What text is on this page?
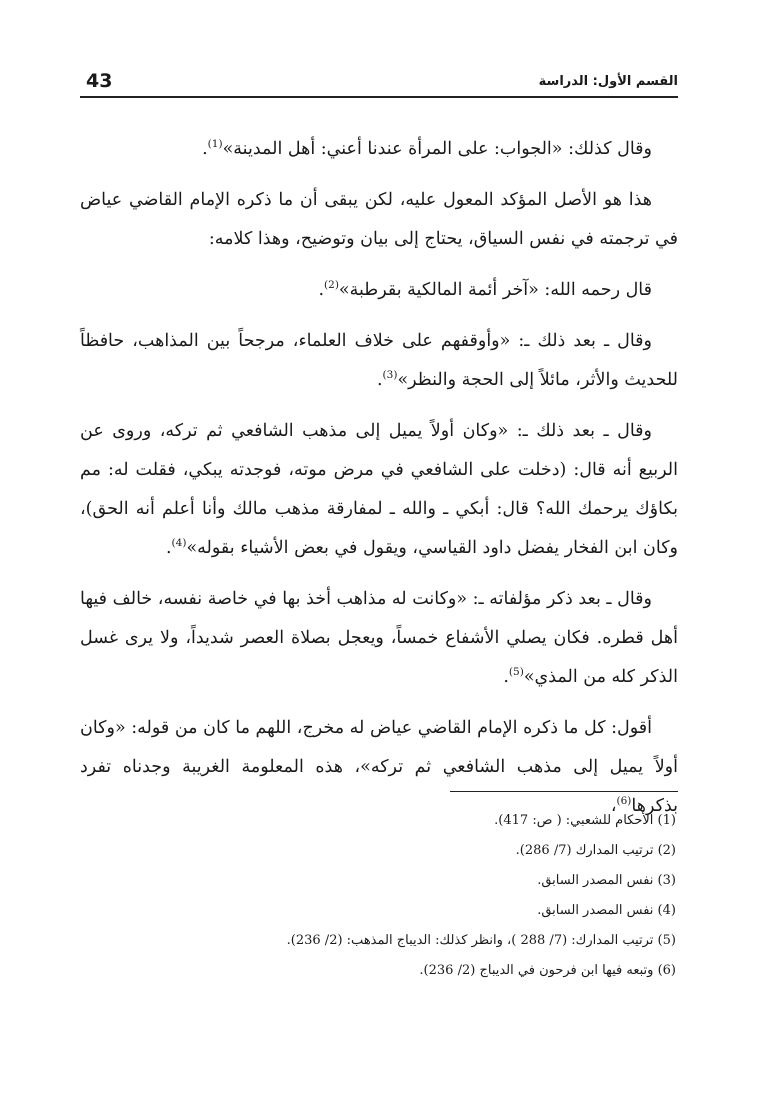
43	القسم الأول: الدراسة

وقال كذلك: «الجواب: على المرأة عندنا أعني: أهل المدينة»$^{(1)}$.

هذا هو الأصل المؤكد المعول عليه، لكن يبقى أن ما ذكره الإمام القاضي عياض في ترجمته في نفس السياق، يحتاج إلى بيان وتوضيح، وهذا كلامه:

قال رحمه الله: «آخر أئمة المالكية بقرطبة»$^{(2)}$.

وقال ـ بعد ذلك ـ: «وأوقفهم على خلاف العلماء، مرجحاً بين المذاهب، حافظاً للحديث والأثر، مائلاً إلى الحجة والنظر»$^{(3)}$.

وقال ـ بعد ذلك ـ: «وكان أولاً يميل إلى مذهب الشافعي ثم تركه، وروى عن الربيع أنه قال: (دخلت على الشافعي في مرض موته، فوجدته يبكي، فقلت له: مم بكاؤك يرحمك الله؟ قال: أبكي ـ والله ـ لمفارقة مذهب مالك وأنا أعلم أنه الحق)، وكان ابن الفخار يفضل داود القياسي، ويقول في بعض الأشياء بقوله»$^{(4)}$.

وقال ـ بعد ذكر مؤلفاته ـ: «وكانت له مذاهب أخذ بها في خاصة نفسه، خالف فيها أهل قطره. فكان يصلي الأشفاع خمساً، ويعجل بصلاة العصر شديداً، ولا يرى غسل الذكر كله من المذي»$^{(5)}$.

أقول: كل ما ذكره الإمام القاضي عياض له مخرج، اللهم ما كان من قوله: «وكان أولاً يميل إلى مذهب الشافعي ثم تركه»، هذه المعلومة الغريبة وجدناه تفرد بذكرها$^{(6)}$،

(1) الأحكام للشعبي: ( ص: 417).
(2) ترتيب المدارك (7/ 286).
(3) نفس المصدر السابق.
(4) نفس المصدر السابق.
(5) ترتيب المدارك: (7/ 288 )، وانظر كذلك: الديباج المذهب: (2/ 236).
(6) وتبعه فيها ابن فرحون في الديباج (2/ 236).
